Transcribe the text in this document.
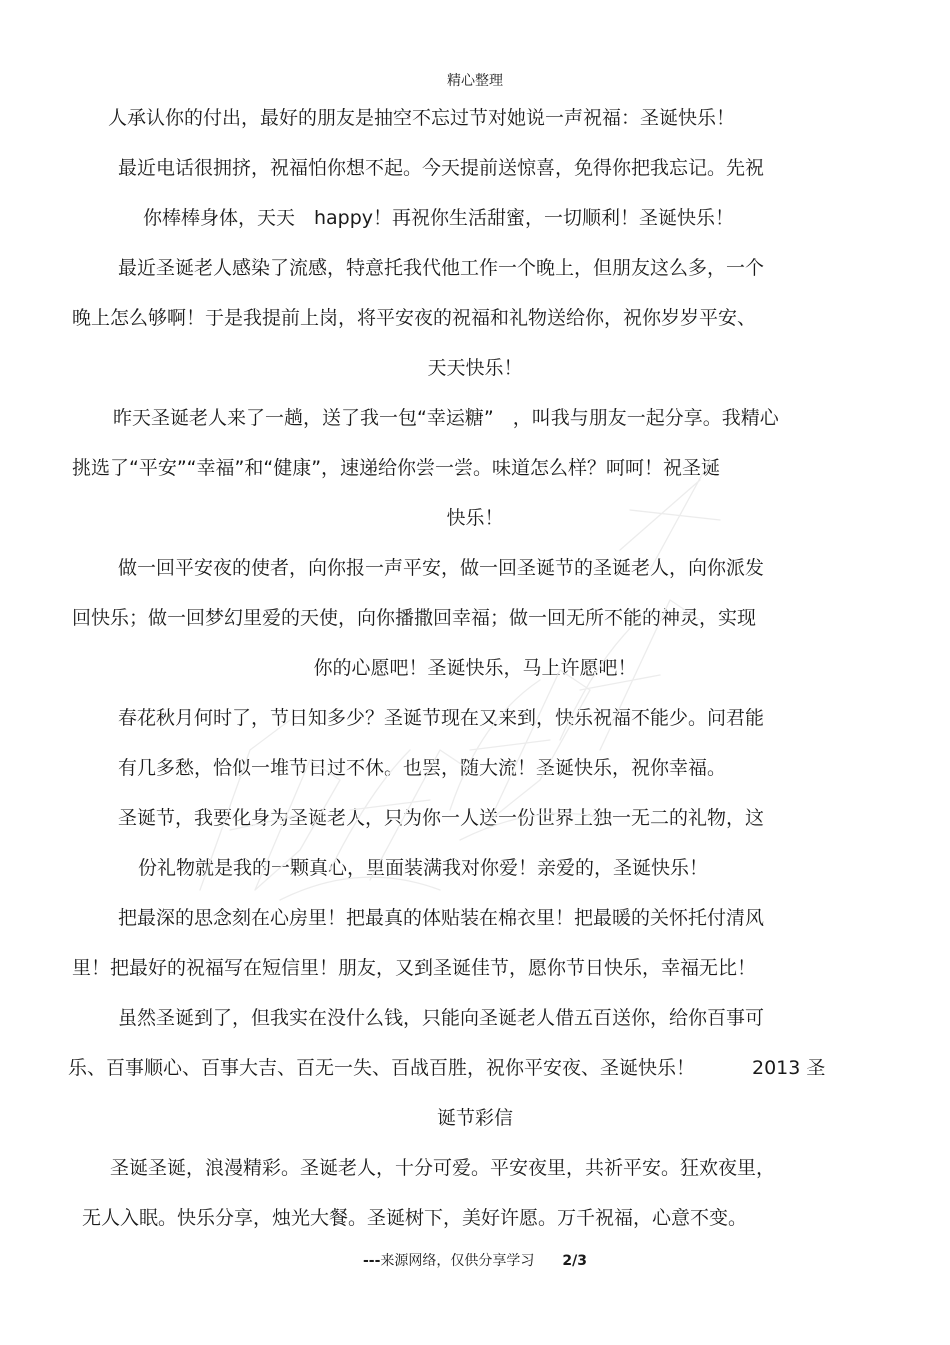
精心整理
人承认你的付出，最好的朋友是抽空不忘过节对她说一声祝福：圣诞快乐！
最近电话很拥挤，祝福怕你想不起。今天提前送惊喜，免得你把我忘记。先祝
你棒棒身体，天天　happy！再祝你生活甜蜜，一切顺利！圣诞快乐！
最近圣诞老人感染了流感，特意托我代他工作一个晚上，但朋友这么多，一个
晚上怎么够啊！于是我提前上岗，将平安夜的祝福和礼物送给你，祝你岁岁平安、
天天快乐！
昨天圣诞老人来了一趟，送了我一包“幸运糖”　，叫我与朋友一起分享。我精心
挑选了“平安”“幸福”和“健康”，速递给你尝一尝。味道怎么样？呵呵！祝圣诞
快乐！
做一回平安夜的使者，向你报一声平安，做一回圣诞节的圣诞老人，向你派发
回快乐；做一回梦幻里爱的天使，向你播撒回幸福；做一回无所不能的神灵，实现
你的心愿吧！圣诞快乐，马上许愿吧！
春花秋月何时了，节日知多少？圣诞节现在又来到，快乐祝福不能少。问君能
有几多愁，恰似一堆节日过不休。也罢，随大流！圣诞快乐，祝你幸福。
圣诞节，我要化身为圣诞老人，只为你一人送一份世界上独一无二的礼物，这
份礼物就是我的一颗真心，里面装满我对你爱！亲爱的，圣诞快乐！
把最深的思念刻在心房里！把最真的体贴装在棉衣里！把最暖的关怀托付清风
里！把最好的祝福写在短信里！朋友，又到圣诞佳节，愿你节日快乐，幸福无比！
虽然圣诞到了，但我实在没什么钱，只能向圣诞老人借五百送你，给你百事可
乐、百事顺心、百事大吉、百无一失、百战百胜，祝你平安夜、圣诞快乐！　　　2013 圣
诞节彩信
圣诞圣诞，浪漫精彩。圣诞老人，十分可爱。平安夜里，共祈平安。狂欢夜里，
无人入眠。快乐分享，烛光大餐。圣诞树下，美好许愿。万千祝福，心意不变。
---来源网络，仅供分享学习 2/3
